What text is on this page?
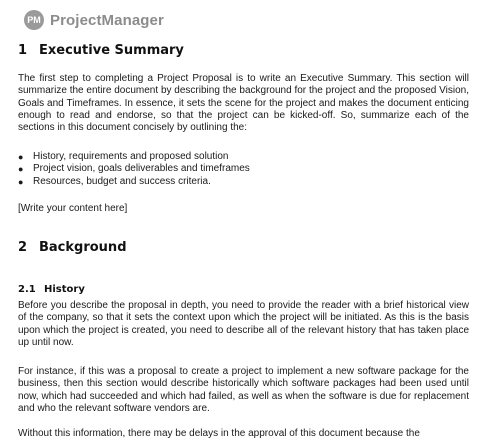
PM ProjectManager
1 Executive Summary

The first step to completing a Project Proposal is to write an Executive Summary. This section will summarize the entire document by describing the background for the project and the proposed Vision, Goals and Timeframes. In essence, it sets the scene for the project and makes the document enticing enough to read and endorse, so that the project can be kicked-off. So, summarize each of the sections in this document concisely by outlining the:

● History, requirements and proposed solution
● Project vision, goals deliverables and timeframes
● Resources, budget and success criteria.

[Write your content here]

2 Background
2.1 History

Before you describe the proposal in depth, you need to provide the reader with a brief historical view of the company, so that it sets the context upon which the project will be initiated. As this is the basis upon which the project is created, you need to describe all of the relevant history that has taken place up until now.

For instance, if this was a proposal to create a project to implement a new software package for the business, then this section would describe historically which software packages had been used until now, which had succeeded and which had failed, as well as when the software is due for replacement and who the relevant software vendors are.

Without this information, there may be delays in the approval of this document because the
